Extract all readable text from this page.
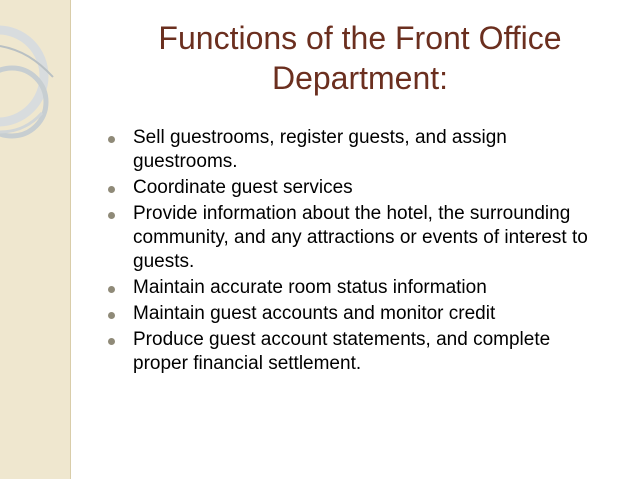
Functions of the Front Office
Department:
Sell guestrooms, register guests, and assign guestrooms.
Coordinate guest services
Provide information about the hotel, the surrounding community, and any attractions or events of interest to guests.
Maintain accurate room status information
Maintain guest accounts and monitor credit
Produce guest account statements, and complete proper financial settlement.
